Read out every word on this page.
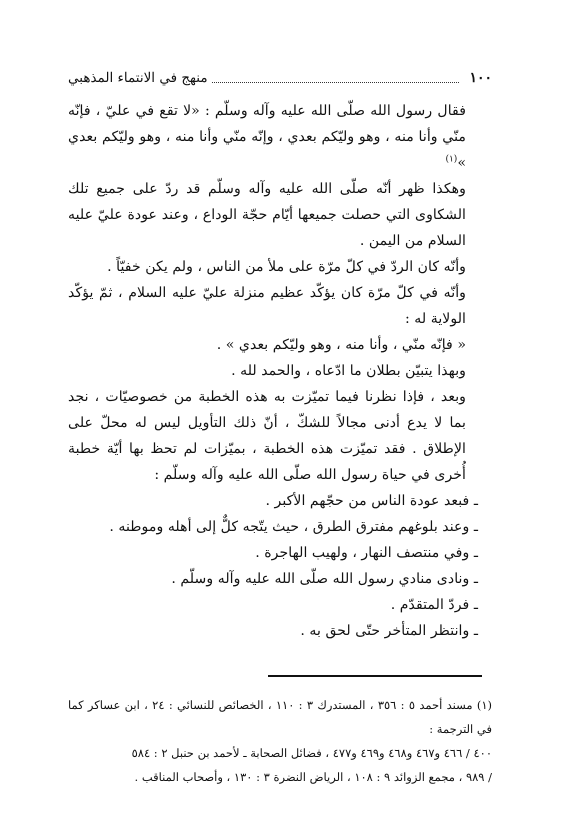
١٠٠
منهج في الانتماء المذهبي

فقال رسول الله صلّى الله عليه وآله وسلّم : «لا تقع في عليّ ، فإنّه منّي وأنا منه ، وهو وليّكم بعدي ، وإنّه منّي وأنا منه ، وهو وليّكم بعدي »$^{(١)}$

وهكذا ظهر أنّه صلّى الله عليه وآله وسلّم قد ردّ على جميع تلك الشكاوى التي حصلت جميعها أيّام حجّة الوداع ، وعند عودة عليّ عليه السلام من اليمن .

وأنّه كان الردّ في كلّ مرّة على ملأ من الناس ، ولم يكن خفيّاً .

وأنّه في كلّ مرّة كان يؤكّد عظيم منزلة عليّ عليه السلام ، ثمّ يؤكّد الولاية له :

« فإنّه منّي ، وأنا منه ، وهو وليّكم بعدي » .

وبهذا يتبيّن بطلان ما ادّعاه ، والحمد لله .

وبعد ، فإذا نظرنا فيما تميّزت به هذه الخطبة من خصوصيّات ، نجد بما لا يدع أدنى مجالاً للشكّ ، أنّ ذلك التأويل ليس له محلّ على الإطلاق . فقد تميّزت هذه الخطبة ، بميّزات لم تحظ بها أيّة خطبة أُخرى في حياة رسول الله صلّى الله عليه وآله وسلّم :

ـ فبعد عودة الناس من حجّهم الأكبر .

ـ وعند بلوغهم مفترق الطرق ، حيث يتّجه كلٌّ إلى أهله وموطنه .

ـ وفي منتصف النهار ، ولهيب الهاجرة .

ـ ونادى منادي رسول الله صلّى الله عليه وآله وسلّم .

ـ فردّ المتقدّم .

ـ وانتظر المتأخر حتّى لحق به .

(١) مسند أحمد ٥ : ٣٥٦ ، المستدرك ٣ : ١١٠ ، الخصائص للنسائي : ٢٤ ، ابن عساكر كما في الترجمة :

٤٠٠ / ٤٦٦ و٤٦٧ و٤٦٨ و٤٦٩ و٤٧٧ ، فضائل الصحابة ـ لأحمد بن حنبل ٢ : ٥٨٤

/ ٩٨٩ ، مجمع الزوائد ٩ : ١٠٨ ، الرياض النضرة ٣ : ١٣٠ ، وأصحاب المناقب .
